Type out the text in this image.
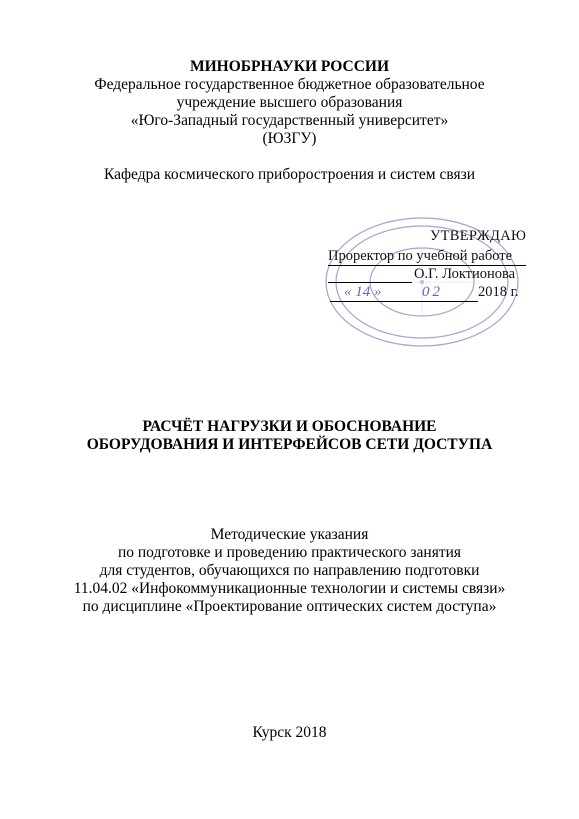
МИНОБРНАУКИ РОССИИ
Федеральное государственное бюджетное образовательное
учреждение высшего образования
«Юго-Западный государственный университет»
(ЮЗГУ)
Кафедра космического приборостроения и систем связи
УТВЕРЖДАЮ
Проректор по учебной работе
О.Г. Локтионова
« 14 »	02 2018 г.
РАСЧЁТ НАГРУЗКИ И ОБОСНОВАНИЕ
ОБОРУДОВАНИЯ И ИНТЕРФЕЙСОВ СЕТИ ДОСТУПА
Методические указания
по подготовке и проведению практического занятия
для студентов, обучающихся по направлению подготовки
11.04.02 «Инфокоммуникационные технологии и системы связи»
по дисциплине «Проектирование оптических систем доступа»
Курск 2018
